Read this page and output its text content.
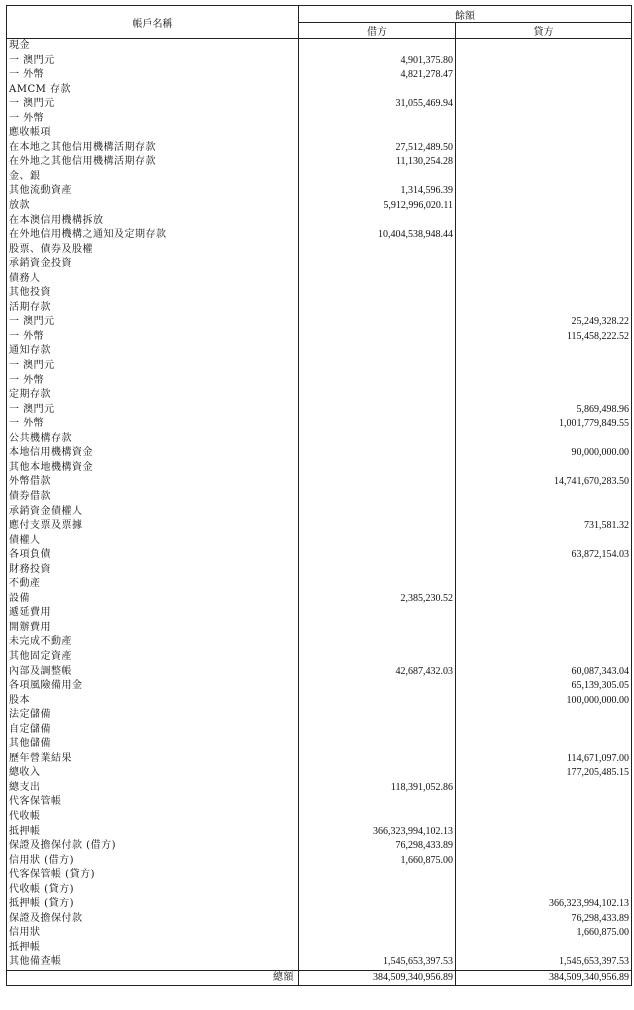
帳戶名稱	餘額	
	借方	貸方
現金		
一 澳門元	4,901,375.80	
一 外幣	4,821,278.47	
AMCM 存款		
一 澳門元	31,055,469.94	
一 外幣		
應收帳項		
在本地之其他信用機構活期存款	27,512,489.50	
在外地之其他信用機構活期存款	11,130,254.28	
金、銀		
其他流動資產	1,314,596.39	
放款	5,912,996,020.11	
在本澳信用機構拆放		
在外地信用機構之通知及定期存款	10,404,538,948.44	
股票、債券及股權		
承銷資金投資		
債務人		
其他投資		
活期存款		
一 澳門元		25,249,328.22
一 外幣		115,458,222.52
通知存款		
一 澳門元		
一 外幣		
定期存款		
一 澳門元		5,869,498.96
一 外幣		1,001,779,849.55
公共機構存款		
本地信用機構資金		90,000,000.00
其他本地機構資金		
外幣借款		14,741,670,283.50
債券借款		
承銷資金債權人		
應付支票及票據		731,581.32
債權人		
各項負債		63,872,154.03
財務投資		
不動產		
設備	2,385,230.52	
遞延費用		
開辦費用		
未完成不動產		
其他固定資產		
內部及調整帳	42,687,432.03	60,087,343.04
各項風險備用金		65,139,305.05
股本		100,000,000.00
法定儲備		
自定儲備		
其他儲備		
歷年營業結果		114,671,097.00
總收入		177,205,485.15
總支出	118,391,052.86	
代客保管帳		
代收帳		
抵押帳	366,323,994,102.13	
保證及擔保付款 (借方)	76,298,433.89	
信用狀 (借方)	1,660,875.00	
代客保管帳 (貸方)		
代收帳 (貸方)		
抵押帳 (貸方)		366,323,994,102.13
保證及擔保付款		76,298,433.89
信用狀		1,660,875.00
抵押帳		
其他備查帳	1,545,653,397.53	1,545,653,397.53
總額	384,509,340,956.89	384,509,340,956.89
